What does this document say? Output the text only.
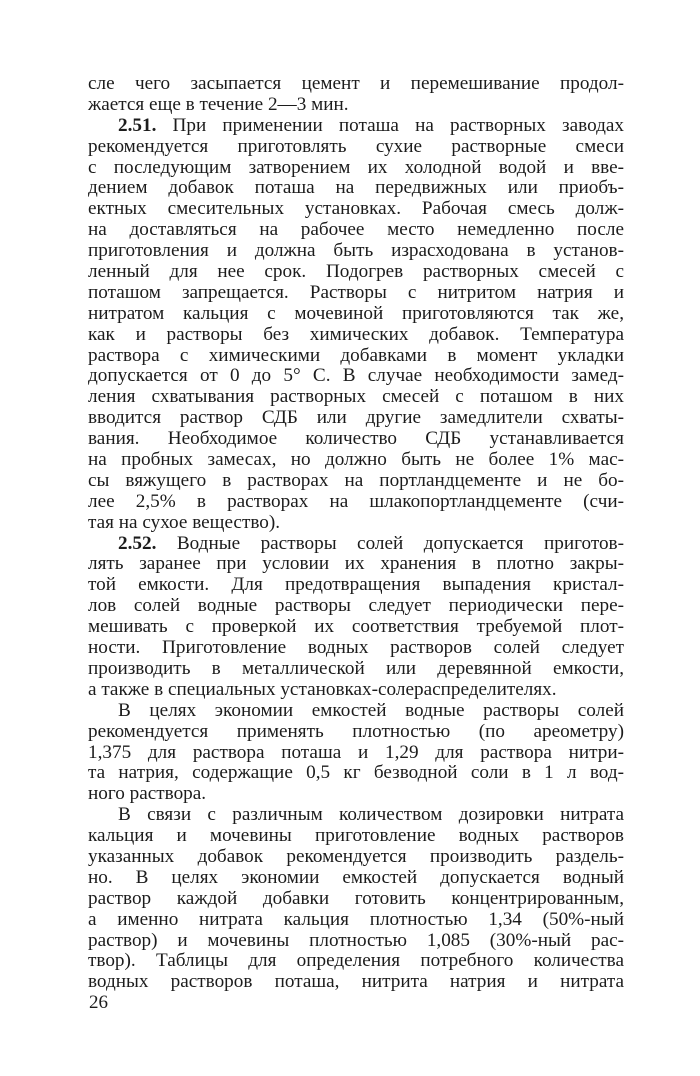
сле чего засыпается цемент и перемешивание продол-
жается еще в течение 2—3 мин.
2.51. При применении поташа на растворных заводах
рекомендуется приготовлять сухие растворные смеси
с последующим затворением их холодной водой и вве-
дением добавок поташа на передвижных или приобъ-
ектных смесительных установках. Рабочая смесь долж-
на доставляться на рабочее место немедленно после
приготовления и должна быть израсходована в установ-
ленный для нее срок. Подогрев растворных смесей с
поташом запрещается. Растворы с нитритом натрия и
нитратом кальция с мочевиной приготовляются так же,
как и растворы без химических добавок. Температура
раствора с химическими добавками в момент укладки
допускается от 0 до 5° С. В случае необходимости замед-
ления схватывания растворных смесей с поташом в них
вводится раствор СДБ или другие замедлители схваты-
вания. Необходимое количество СДБ устанавливается
на пробных замесах, но должно быть не более 1% мас-
сы вяжущего в растворах на портландцементе и не бо-
лее 2,5% в растворах на шлакопортландцементе (счи-
тая на сухое вещество).
2.52. Водные растворы солей допускается приготов-
лять заранее при условии их хранения в плотно закры-
той емкости. Для предотвращения выпадения кристал-
лов солей водные растворы следует периодически пере-
мешивать с проверкой их соответствия требуемой плот-
ности. Приготовление водных растворов солей следует
производить в металлической или деревянной емкости,
а также в специальных установках-солераспределителях.
В целях экономии емкостей водные растворы солей
рекомендуется применять плотностью (по ареометру)
1,375 для раствора поташа и 1,29 для раствора нитри-
та натрия, содержащие 0,5 кг безводной соли в 1 л вод-
ного раствора.
В связи с различным количеством дозировки нитрата
кальция и мочевины приготовление водных растворов
указанных добавок рекомендуется производить раздель-
но. В целях экономии емкостей допускается водный
раствор каждой добавки готовить концентрированным,
а именно нитрата кальция плотностью 1,34 (50%-ный
раствор) и мочевины плотностью 1,085 (30%-ный рас-
твор). Таблицы для определения потребного количества
водных растворов поташа, нитрита натрия и нитрата
26
